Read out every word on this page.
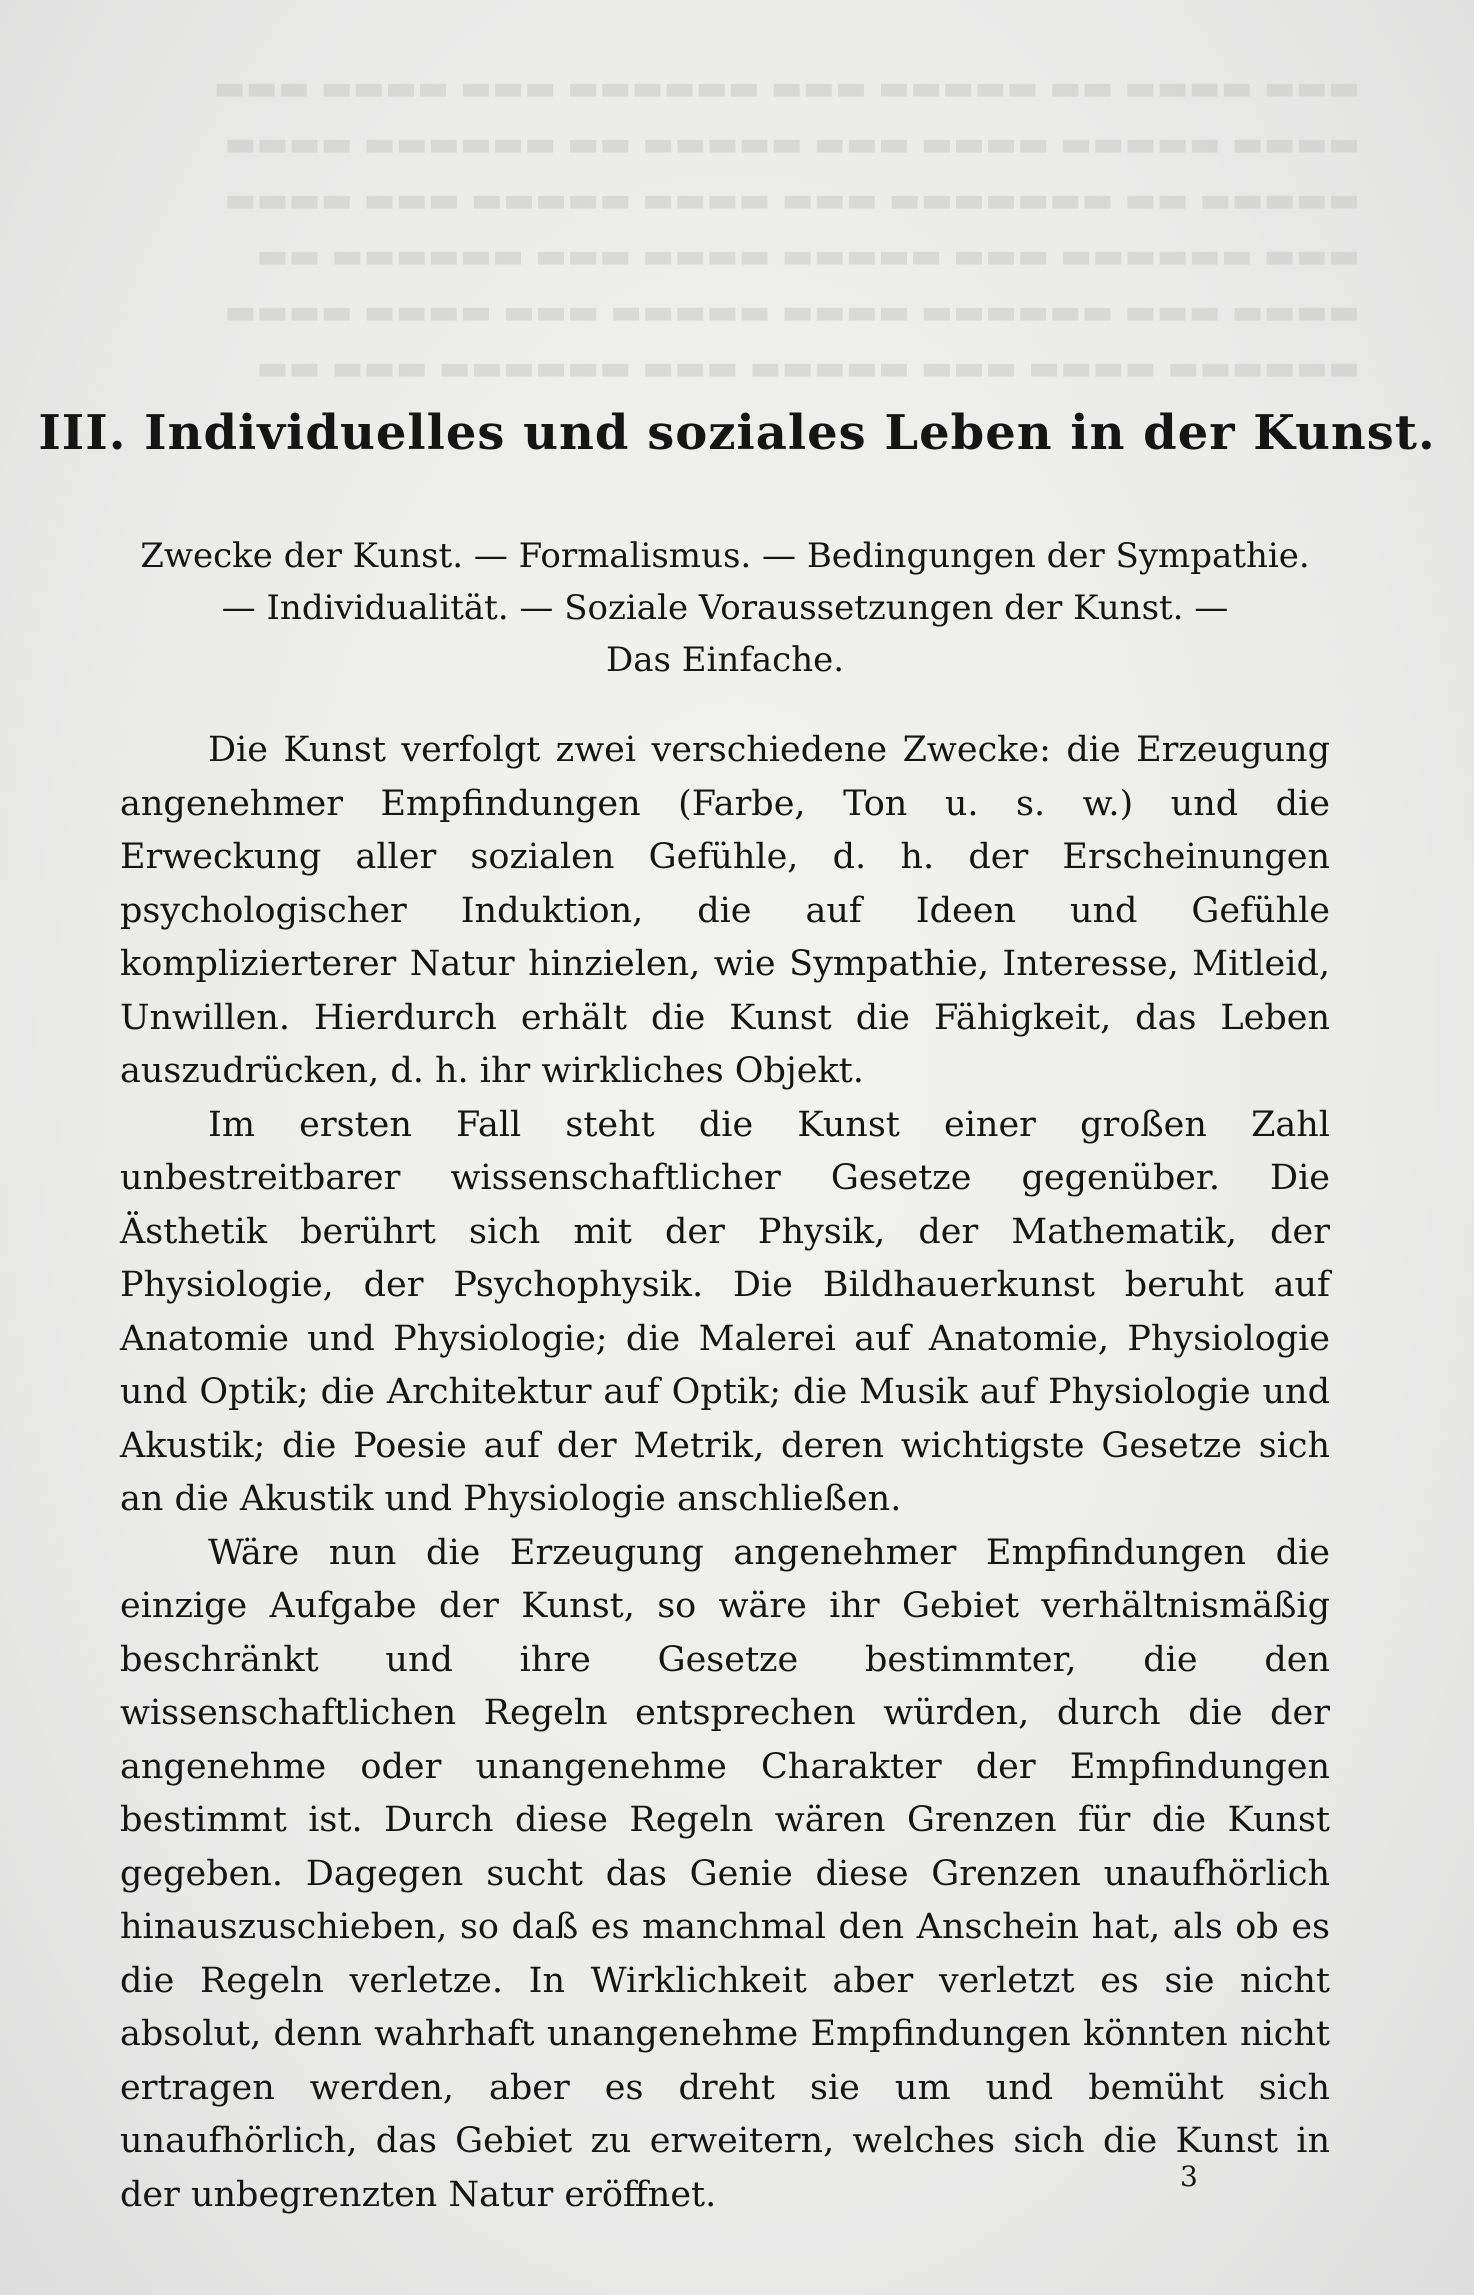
▬▬▬ ▬▬▬▬ ▬▬ ▬▬▬▬▬ ▬▬▬ ▬▬▬▬▬▬ ▬▬▬ ▬▬▬▬ ▬▬▬
▬▬▬▬ ▬▬▬▬▬ ▬▬▬▬ ▬▬▬ ▬▬▬▬▬ ▬▬ ▬▬▬▬▬▬ ▬▬▬▬
▬▬▬▬▬ ▬▬ ▬▬▬▬▬▬▬ ▬▬▬ ▬▬▬▬ ▬▬▬▬▬ ▬▬▬ ▬▬▬▬
▬▬▬ ▬▬▬▬▬▬ ▬▬▬ ▬▬▬▬▬ ▬▬▬▬ ▬▬▬ ▬▬▬▬▬▬ ▬▬
▬▬▬▬ ▬▬▬ ▬▬▬▬▬▬ ▬▬▬▬ ▬▬▬▬▬ ▬▬▬ ▬▬▬▬ ▬▬▬▬
▬▬▬▬▬▬ ▬▬▬▬ ▬▬▬ ▬▬▬▬▬ ▬▬▬ ▬▬▬▬▬▬ ▬▬▬ ▬▬
III. Individuelles und soziales Leben in der Kunst.
Zwecke der Kunst. — Formalismus. — Bedingungen der Sympathie.
— Individualität. — Soziale Voraussetzungen der Kunst. —
Das Einfache.

Die Kunst verfolgt zwei verschiedene Zwecke: die Erzeugung angenehmer Empfindungen (Farbe, Ton u. s. w.) und die Erweckung aller sozialen Gefühle, d. h. der Erscheinungen psychologischer Induktion, die auf Ideen und Gefühle komplizierterer Natur hinzielen, wie Sympathie, Interesse, Mitleid, Unwillen. Hierdurch erhält die Kunst die Fähigkeit, das Leben auszudrücken, d. h. ihr wirkliches Objekt.

Im ersten Fall steht die Kunst einer großen Zahl unbestreitbarer wissenschaftlicher Gesetze gegenüber. Die Ästhetik berührt sich mit der Physik, der Mathematik, der Physiologie, der Psychophysik. Die Bildhauerkunst beruht auf Anatomie und Physiologie; die Malerei auf Anatomie, Physiologie und Optik; die Architektur auf Optik; die Musik auf Physiologie und Akustik; die Poesie auf der Metrik, deren wichtigste Gesetze sich an die Akustik und Physiologie anschließen.

Wäre nun die Erzeugung angenehmer Empfindungen die einzige Aufgabe der Kunst, so wäre ihr Gebiet verhältnismäßig beschränkt und ihre Gesetze bestimmter, die den wissenschaftlichen Regeln entsprechen würden, durch die der angenehme oder unangenehme Charakter der Empfindungen bestimmt ist. Durch diese Regeln wären Grenzen für die Kunst gegeben. Dagegen sucht das Genie diese Grenzen unaufhörlich hinauszuschieben, so daß es manchmal den Anschein hat, als ob es die Regeln verletze. In Wirklichkeit aber verletzt es sie nicht absolut, denn wahrhaft unangenehme Empfindungen könnten nicht ertragen werden, aber es dreht sie um und bemüht sich unaufhörlich, das Gebiet zu erweitern, welches sich die Kunst in der unbegrenzten Natur eröffnet.	3
